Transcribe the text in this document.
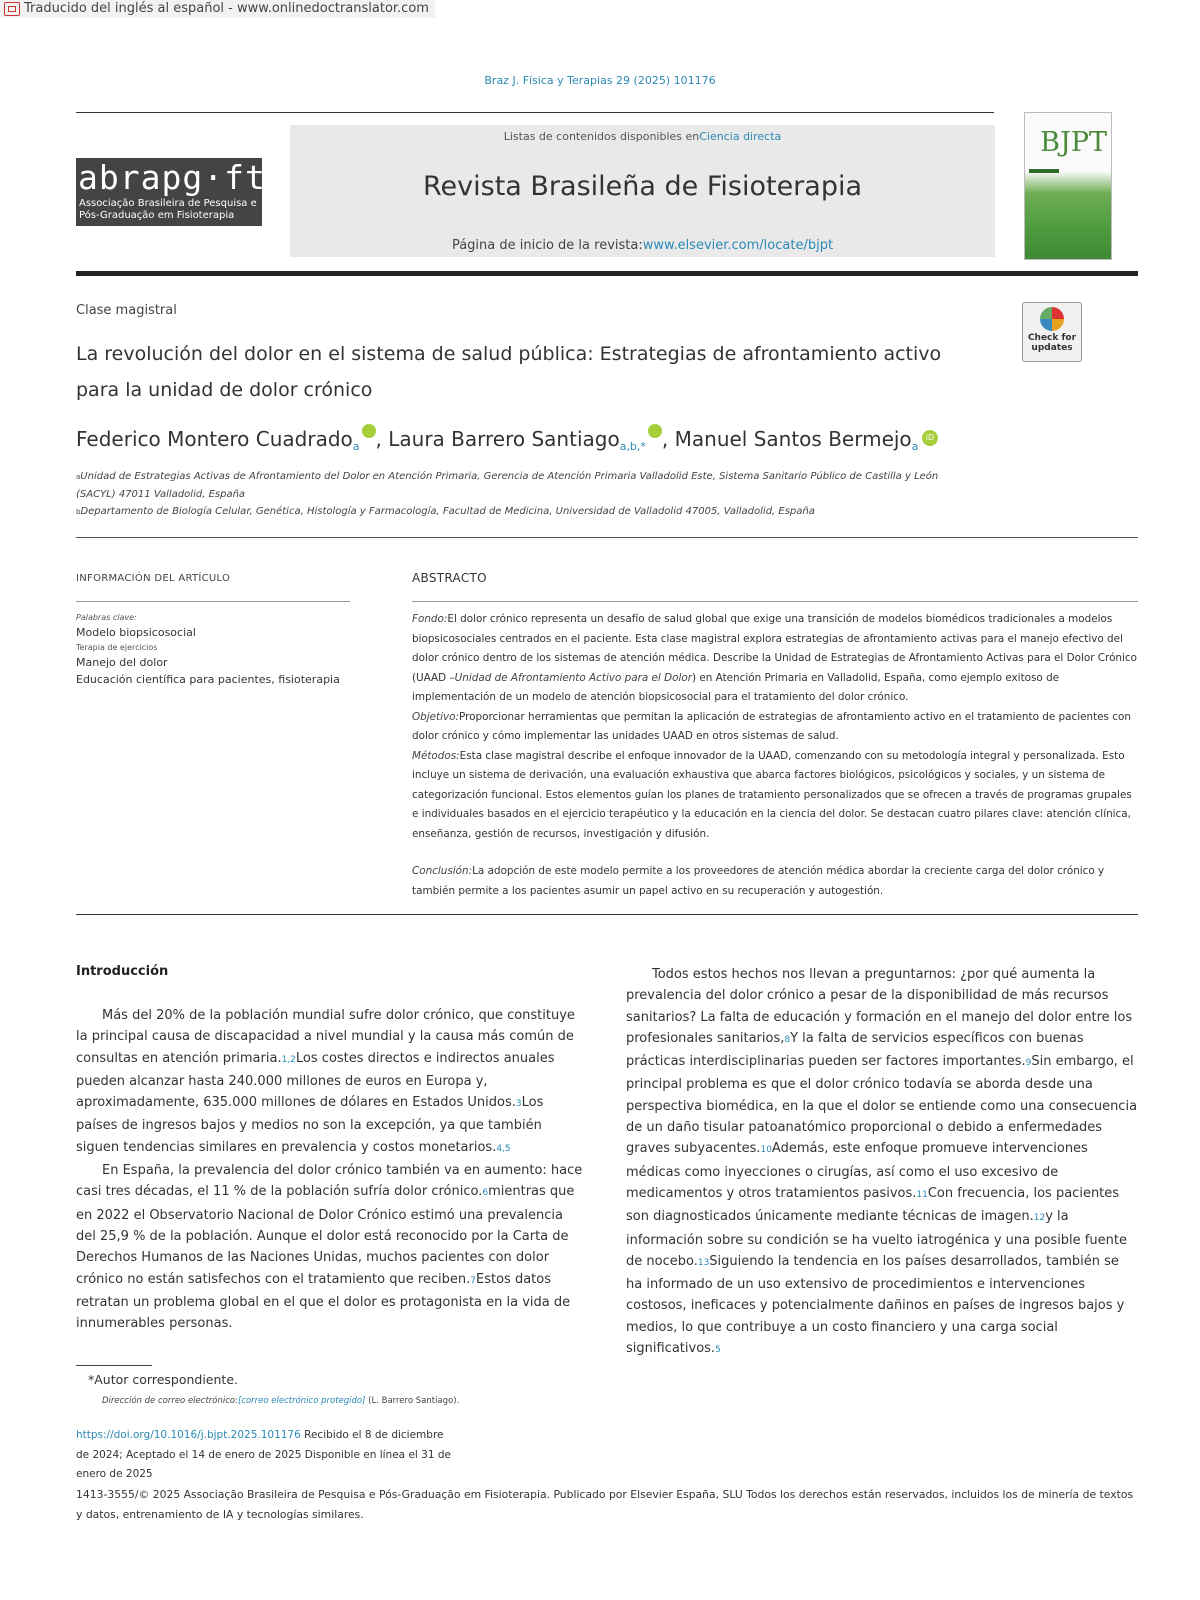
Traducido del inglés al español - www.onlinedoctranslator.com
Braz J. Física y Terapias 29 (2025) 101176
abrapg·ft
Associação Brasileira de Pesquisa e
Pós-Graduação em Fisioterapia
Listas de contenidos disponibles enCiencia directa
Revista Brasileña de Fisioterapia
Página de inicio de la revista:www.elsevier.com/locate/bjpt
BJPT
Clase magistral
Check for updates
La revolución del dolor en el sistema de salud pública: Estrategias de afrontamiento activo para la unidad de dolor crónico
Federico Montero Cuadrado$^a$ , Laura Barrero Santiago$^{a,b,*}$ , Manuel Santos Bermejo$^a$
iD
aUnidad de Estrategias Activas de Afrontamiento del Dolor en Atención Primaria, Gerencia de Atención Primaria Valladolid Este, Sistema Sanitario Público de Castilla y León (SACYL) 47011 Valladolid, España
bDepartamento de Biología Celular, Genética, Histología y Farmacología, Facultad de Medicina, Universidad de Valladolid 47005, Valladolid, España
INFORMACIÓN DEL ARTÍCULO
Palabras clave:
Modelo biopsicosocial
Terapia de ejercicios
Manejo del dolor
Educación científica para pacientes, fisioterapia
ABSTRACTO

Fondo:El dolor crónico representa un desafío de salud global que exige una transición de modelos biomédicos tradicionales a modelos biopsicosociales centrados en el paciente. Esta clase magistral explora estrategias de afrontamiento activas para el manejo efectivo del dolor crónico dentro de los sistemas de atención médica. Describe la Unidad de Estrategias de Afrontamiento Activas para el Dolor Crónico (UAAD –Unidad de Afrontamiento Activo para el Dolor) en Atención Primaria en Valladolid, España, como ejemplo exitoso de implementación de un modelo de atención biopsicosocial para el tratamiento del dolor crónico.

Objetivo:Proporcionar herramientas que permitan la aplicación de estrategias de afrontamiento activo en el tratamiento de pacientes con dolor crónico y cómo implementar las unidades UAAD en otros sistemas de salud.

Métodos:Esta clase magistral describe el enfoque innovador de la UAAD, comenzando con su metodología integral y personalizada. Esto incluye un sistema de derivación, una evaluación exhaustiva que abarca factores biológicos, psicológicos y sociales, y un sistema de categorización funcional. Estos elementos guían los planes de tratamiento personalizados que se ofrecen a través de programas grupales e individuales basados en el ejercicio terapéutico y la educación en la ciencia del dolor. Se destacan cuatro pilares clave: atención clínica, enseñanza, gestión de recursos, investigación y difusión.

Conclusión:La adopción de este modelo permite a los proveedores de atención médica abordar la creciente carga del dolor crónico y también permite a los pacientes asumir un papel activo en su recuperación y autogestión.

Introducción

Más del 20% de la población mundial sufre dolor crónico, que constituye la principal causa de discapacidad a nivel mundial y la causa más común de consultas en atención primaria.1,2Los costes directos e indirectos anuales pueden alcanzar hasta 240.000 millones de euros en Europa y, aproximadamente, 635.000 millones de dólares en Estados Unidos.3Los países de ingresos bajos y medios no son la excepción, ya que también siguen tendencias similares en prevalencia y costos monetarios.4,5

En España, la prevalencia del dolor crónico también va en aumento: hace casi tres décadas, el 11 % de la población sufría dolor crónico.6mientras que en 2022 el Observatorio Nacional de Dolor Crónico estimó una prevalencia del 25,9 % de la población. Aunque el dolor está reconocido por la Carta de Derechos Humanos de las Naciones Unidas, muchos pacientes con dolor crónico no están satisfechos con el tratamiento que reciben.7Estos datos retratan un problema global en el que el dolor es protagonista en la vida de innumerables personas.

Todos estos hechos nos llevan a preguntarnos: ¿por qué aumenta la prevalencia del dolor crónico a pesar de la disponibilidad de más recursos sanitarios? La falta de educación y formación en el manejo del dolor entre los profesionales sanitarios,8Y la falta de servicios específicos con buenas prácticas interdisciplinarias pueden ser factores importantes.9Sin embargo, el principal problema es que el dolor crónico todavía se aborda desde una perspectiva biomédica, en la que el dolor se entiende como una consecuencia de un daño tisular patoanatómico proporcional o debido a enfermedades graves subyacentes.10Además, este enfoque promueve intervenciones médicas como inyecciones o cirugías, así como el uso excesivo de medicamentos y otros tratamientos pasivos.11Con frecuencia, los pacientes son diagnosticados únicamente mediante técnicas de imagen.12y la información sobre su condición se ha vuelto iatrogénica y una posible fuente de nocebo.13Siguiendo la tendencia en los países desarrollados, también se ha informado de un uso extensivo de procedimientos e intervenciones costosos, ineficaces y potencialmente dañinos en países de ingresos bajos y medios, lo que contribuye a un costo financiero y una carga social significativos.5

*Autor correspondiente.
Dirección de correo electrónico:[correo electrónico protegido] (L. Barrero Santiago).
https://doi.org/10.1016/j.bjpt.2025.101176 Recibido el 8 de diciembre de 2024; Aceptado el 14 de enero de 2025 Disponible en línea el 31 de enero de 2025
1413-3555/© 2025 Associação Brasileira de Pesquisa e Pós-Graduação em Fisioterapia. Publicado por Elsevier España, SLU Todos los derechos están reservados, incluidos los de minería de textos y datos, entrenamiento de IA y tecnologías similares.
